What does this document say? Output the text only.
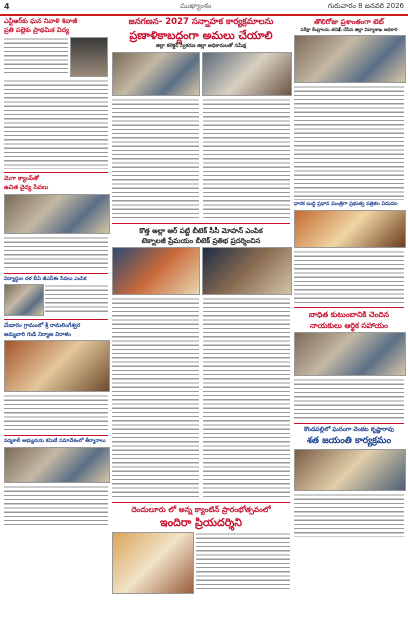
4	ముఖ్యాంశం	గురువారం 8 జనవరి 2026
ఎన్టీఆర్‌కు ఘన నివాళి శివాజీ
ప్రతి పల్లెకు ప్రాథమిక విద్య
మెగా క్యాంప్‌తో
ఉచిత వైద్య సేవలు
విద్యార్థుల దళ బీఏ జీఎస్ఈ సేవలు ఎంపిక
మేడారం గ్రామంలో శ్రీ రామలింగేశ్వర
అమ్మవారి గుడి నిర్మాణ విరాళం
పద్మశాలీ అభ్యుదయ కమిటీ సమావేశంలో తీర్మానాలు
జనగణన- 2027 సన్నాహక కార్యక్రమాలను
ప్రణాళికాబద్ధంగా అమలు చేయాలి
జిల్లా కలెక్టర్ స్వీకరణ జిల్లా అధికారులతో సమీక్ష
కొత్త అల్లా ఆర్ పట్టి బీటెక్ సీసీ మోహన్ ఎంపిక
టెక్నాలజీ ప్రేమయం బీటెక్ ప్రతిభ ప్రదర్శించిన
దెందులూరు లో అన్న క్యాంటిన్ ప్రారంభోత్సవంలో
ఇందిరా ప్రియదర్శిని
తొలిరోజు ప్రశాంతంగా టెట్
పరీక్షా కేంద్రాలను తనిఖీ చేసిన జిల్లా విద్యాశాఖ అధికారి
ధారక బుద్ధి ప్రధాన మంత్రిగా ప్రభుత్వ పత్రికల విడుదల
బాధిత కుటుంబానికి చెందిన
నాయకులు ఆర్థిక సహాయం
కొండపల్లిలో ఘనంగా వెంకట కృష్ణారావు
శత జయంతి కార్యక్రమం
